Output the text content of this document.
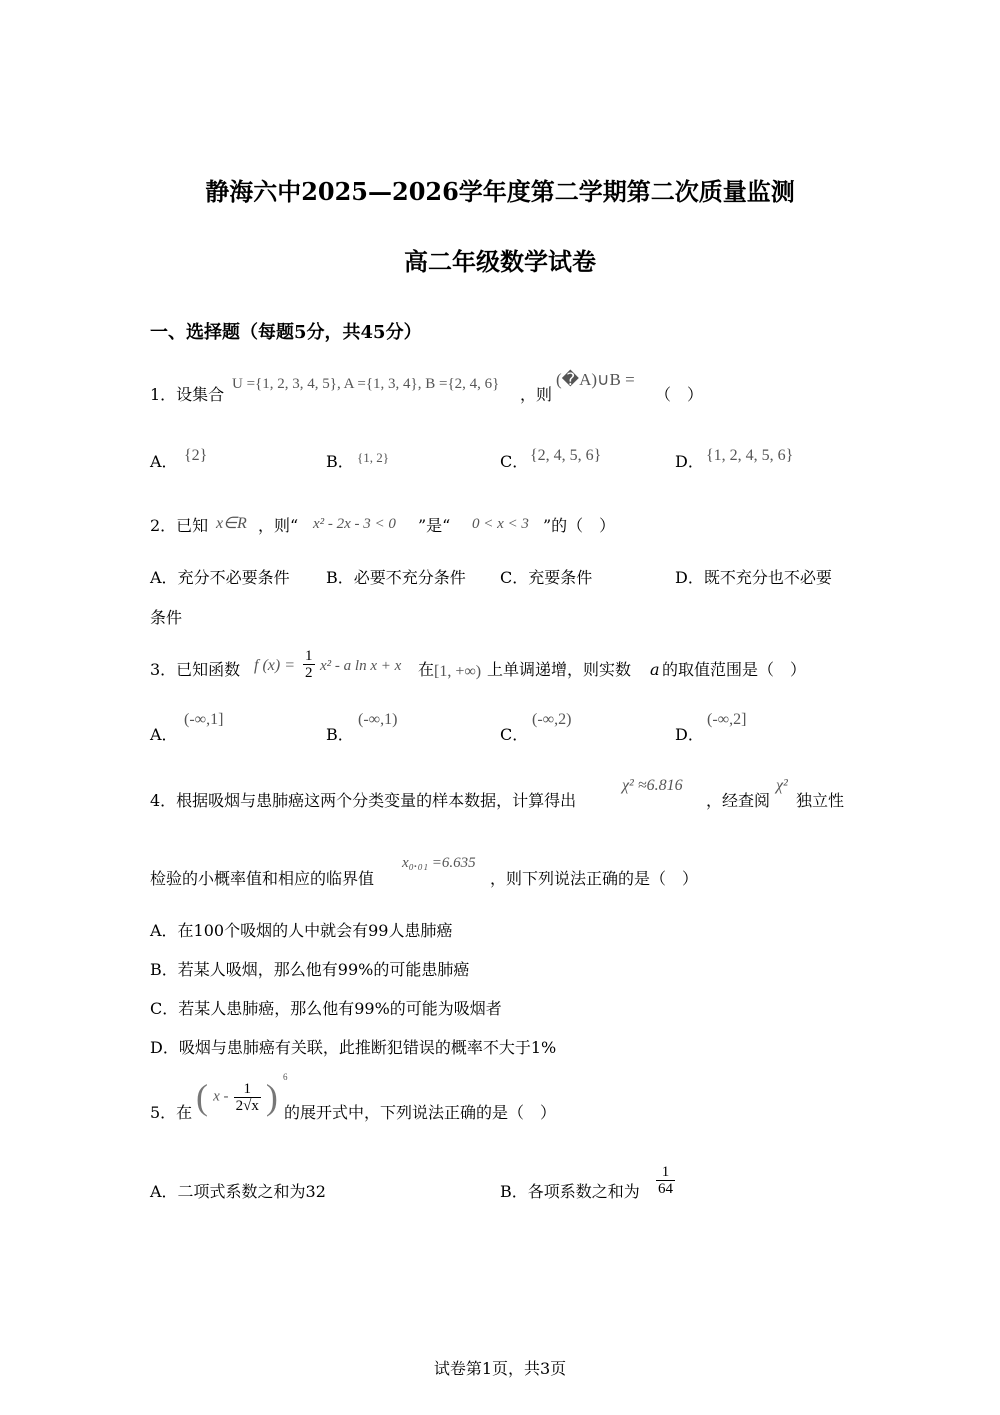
静海六中2025—2026学年度第二学期第二次质量监测
高二年级数学试卷
一、选择题（每题5分，共45分）
1．设集合
U ={1, 2, 3, 4, 5}, A ={1, 3, 4}, B ={2, 4, 6}
，则
(�A)∪B =
（　）
A． {2}	B． {1, 2}	C． {2, 4, 5, 6}	D． {1, 2, 4, 5, 6}
2．已知 x∈R ，则“ x² - 2x - 3 < 0 ”是“ 0 < x < 3 ”的（　）
A．充分不必要条件 B．必要不充分条件 C．充要条件	D．既不充分也不必要
条件
3．已知函数 f $(x) = \frac{1}{2} x^2 - a$ ln x + x 在 [1, +∞) 上单调递增，则实数 a 的取值范围是（　）
A．
(-∞,1]
B．
(-∞,1)
C．
(-∞,2)
D．
(-∞,2]
4．根据吸烟与患肺癌这两个分类变量的样本数据，计算得出
χ² ≈6.816
，经查阅
χ²
独立性
检验的小概率值和相应的临界值
x₀.₀₁ =6.635
，则下列说法正确的是（　）
A．在100个吸烟的人中就会有99人患肺癌
B．若某人吸烟，那么他有99%的可能患肺癌
C．若某人患肺癌，那么他有99%的可能为吸烟者
D．吸烟与患肺癌有关联，此推断犯错误的概率不大于1%
5．在 ( x - $\frac{1}{2√x}$ ) $^6$
的展开式中，下列说法正确的是（　）
A．二项式系数之和为32	B．各项系数之和为 $\frac{1}{64}$
试卷第1页，共3页
